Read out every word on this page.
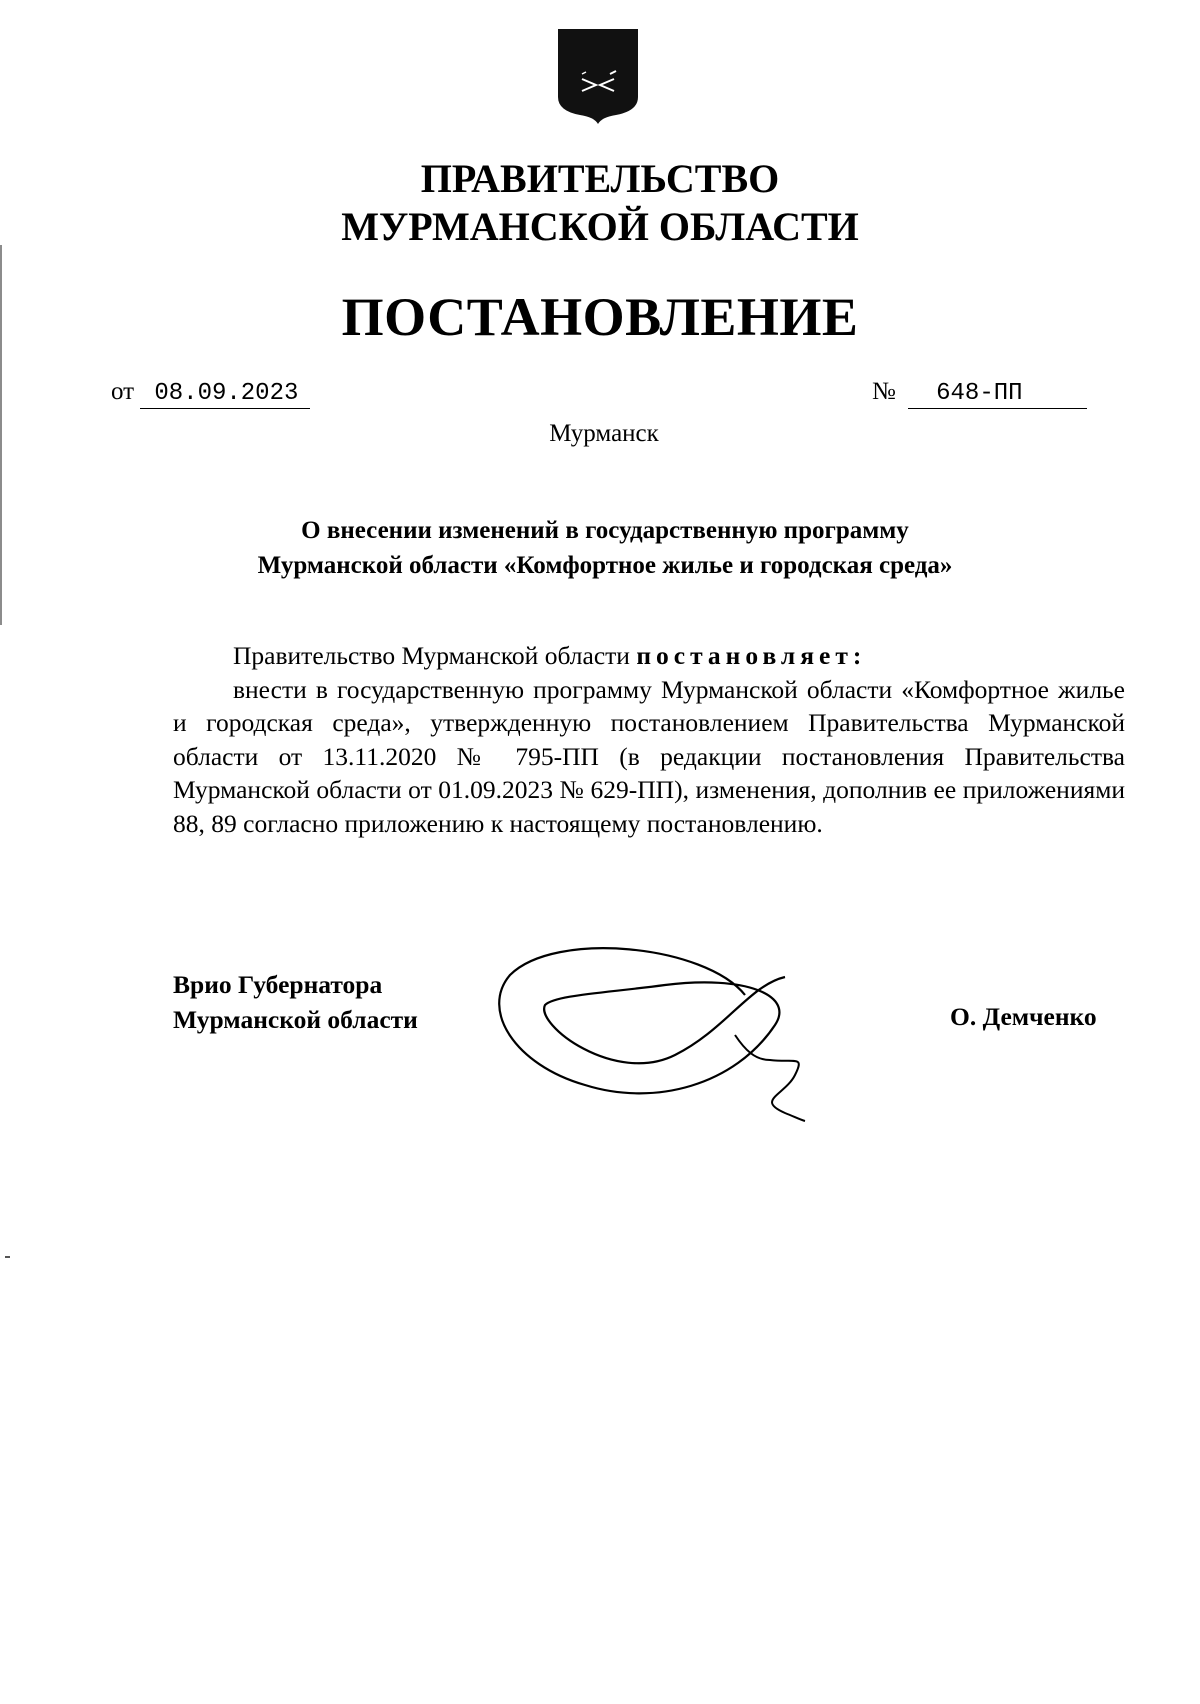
ПРАВИТЕЛЬСТВО
МУРМАНСКОЙ ОБЛАСТИ
ПОСТАНОВЛЕНИЕ
от 08.09.2023	№ 648-ПП
Мурманск
О внесении изменений в государственную программу
Мурманской области «Комфортное жилье и городская среда»

Правительство Мурманской области постановляет:

внести в государственную программу Мурманской области «Комфортное жилье и городская среда», утвержденную постановлением Правительства Мурманской области от 13.11.2020 № 795-ПП (в редакции постановления Правительства Мурманской области от 01.09.2023 № 629-ПП), изменения, дополнив ее приложениями 88, 89 согласно приложению к настоящему постановлению.

Врио Губернатора
Мурманской области	О. Демченко
